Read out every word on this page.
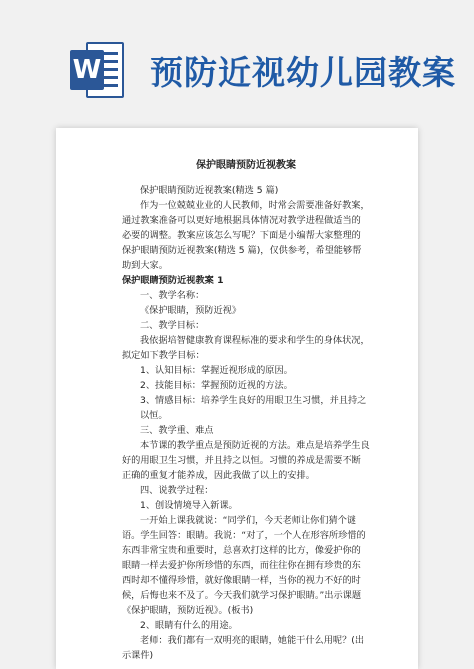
W 预防近视幼儿园教案
保护眼睛预防近视教案
保护眼睛预防近视教案(精选 5 篇)
作为一位兢兢业业的人民教师，时常会需要准备好教案，通过教案准备可以更好地根据具体情况对教学进程做适当的必要的调整。教案应该怎么写呢？下面是小编帮大家整理的保护眼睛预防近视教案(精选 5 篇)，仅供参考，希望能够帮助到大家。
保护眼睛预防近视教案 1
一、教学名称：
《保护眼睛，预防近视》
二、教学目标：
我依据培智健康教育课程标准的要求和学生的身体状况，拟定如下教学目标：
1、认知目标：掌握近视形成的原因。
2、技能目标：掌握预防近视的方法。
3、情感目标：培养学生良好的用眼卫生习惯，并且持之以恒。
三、教学重、难点
本节课的教学重点是预防近视的方法。难点是培养学生良好的用眼卫生习惯，并且持之以恒。习惯的养成是需要不断正确的重复才能养成，因此我做了以上的安排。
四、说教学过程：
1、创设情境导入新课。
一开始上课我就说：“同学们，今天老师让你们猜个谜语。学生回答：眼睛。我说：“对了，一个人在形容所珍惜的东西非常宝贵和重要时，总喜欢打这样的比方，像爱护你的眼睛一样去爱护你所珍惜的东西，而往往你在拥有珍贵的东西时却不懂得珍惜，就好像眼睛一样，当你的视力不好的时候，后悔也来不及了。今天我们就学习保护眼睛。”出示课题《保护眼睛，预防近视》。(板书)
2、眼睛有什么的用途。
老师：我们都有一双明亮的眼睛，她能干什么用呢？(出示课件)
